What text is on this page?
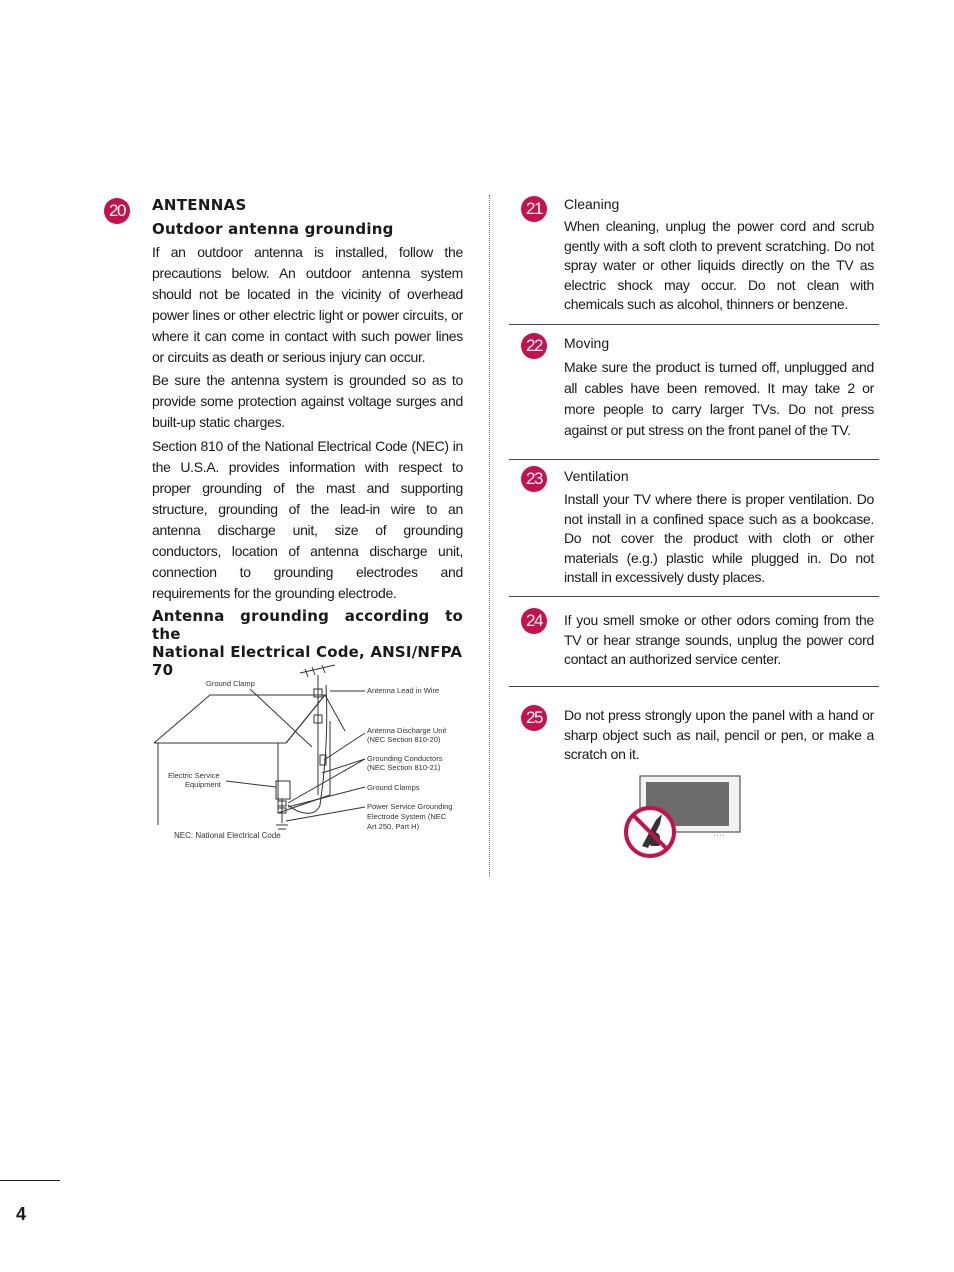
20	ANTENNAS
Outdoor antenna grounding

If an outdoor antenna is installed, follow the precautions below. An outdoor antenna system should not be located in the vicinity of overhead power lines or other electric light or power circuits, or where it can come in contact with such power lines or circuits as death or serious injury can occur.

Be sure the antenna system is grounded so as to provide some protection against voltage surges and built-up static charges.

Section 810 of the National Electrical Code (NEC) in the U.S.A. provides information with respect to proper grounding of the mast and supporting structure, grounding of the lead-in wire to an antenna discharge unit, size of grounding conductors, location of antenna discharge unit, connection to grounding electrodes and requirements for the grounding electrode.

Antenna grounding according to the
National Electrical Code, ANSI/NFPA 70
Ground Clamp
Antenna Lead in Wire
Antenna Discharge Unit
(NEC Section 810-20)
Electric Service
Equipment
Grounding Conductors
(NEC Section 810-21)
Ground Clamps
Power Service Grounding
Electrode System (NEC
Art 250, Part H)
NEC: National Electrical Code
21	Cleaning

When cleaning, unplug the power cord and scrub gently with a soft cloth to prevent scratching. Do not spray water or other liquids directly on the TV as electric shock may occur. Do not clean with chemicals such as alcohol, thinners or benzene.

22	Moving

Make sure the product is turned off, unplugged and all cables have been removed. It may take 2 or more people to carry larger TVs. Do not press against or put stress on the front panel of the TV.

23	Ventilation

Install your TV where there is proper ventilation. Do not install in a confined space such as a bookcase. Do not cover the product with cloth or other materials (e.g.) plastic while plugged in. Do not install in excessively dusty places.

24	If you smell smoke or other odors coming from the TV or hear strange sounds, unplug the power cord contact an authorized service center.

25	Do not press strongly upon the panel with a hand or sharp object such as nail, pencil or pen, or make a scratch on it.

4
